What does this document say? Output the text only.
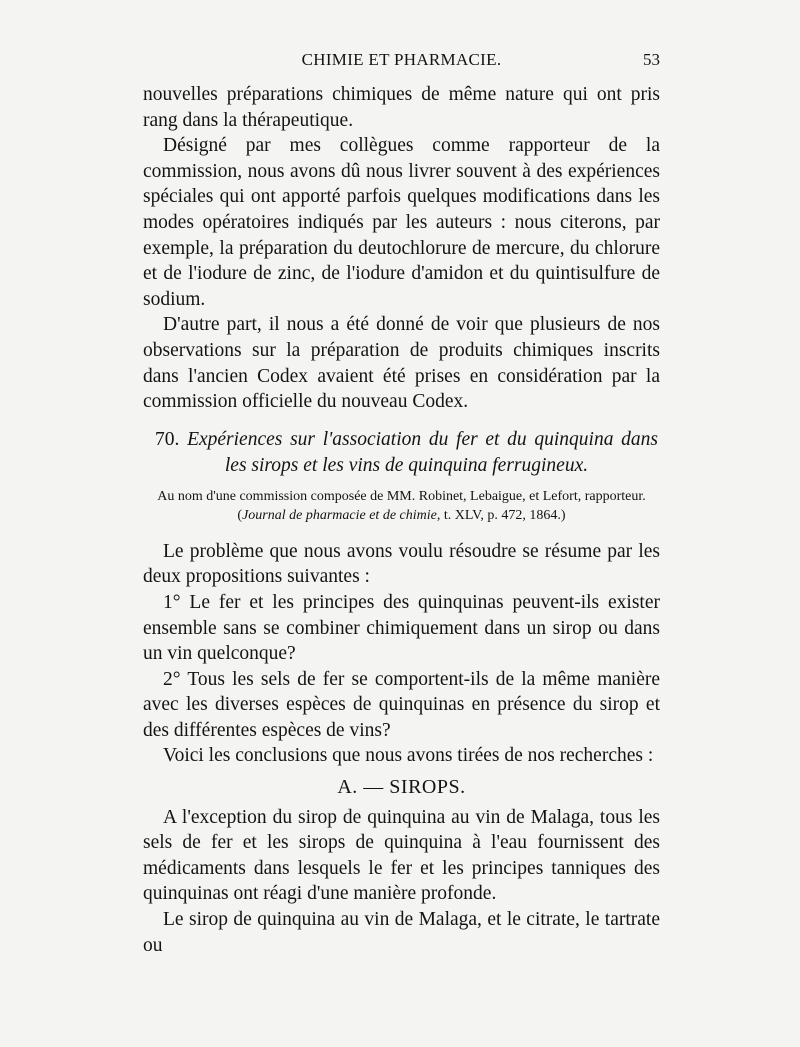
CHIMIE ET PHARMACIE.	53

nouvelles préparations chimiques de même nature qui ont pris rang dans la thérapeutique.

Désigné par mes collègues comme rapporteur de la commission, nous avons dû nous livrer souvent à des expériences spéciales qui ont apporté parfois quelques modifications dans les modes opératoires indiqués par les auteurs : nous citerons, par exemple, la préparation du deutochlorure de mercure, du chlorure et de l'iodure de zinc, de l'iodure d'amidon et du quintisulfure de sodium.

D'autre part, il nous a été donné de voir que plusieurs de nos observations sur la préparation de produits chimiques inscrits dans l'ancien Codex avaient été prises en considération par la commission officielle du nouveau Codex.

70. Expériences sur l'association du fer et du quinquina dans les sirops et les vins de quinquina ferrugineux.

Au nom d'une commission composée de MM. Robinet, Lebaigue, et Lefort, rapporteur.
(Journal de pharmacie et de chimie, t. XLV, p. 472, 1864.)

Le problème que nous avons voulu résoudre se résume par les deux propositions suivantes :

1° Le fer et les principes des quinquinas peuvent-ils exister ensemble sans se combiner chimiquement dans un sirop ou dans un vin quelconque?

2° Tous les sels de fer se comportent-ils de la même manière avec les diverses espèces de quinquinas en présence du sirop et des différentes espèces de vins?

Voici les conclusions que nous avons tirées de nos recherches :

A. — SIROPS.

A l'exception du sirop de quinquina au vin de Malaga, tous les sels de fer et les sirops de quinquina à l'eau fournissent des médicaments dans lesquels le fer et les principes tanniques des quinquinas ont réagi d'une manière profonde.

Le sirop de quinquina au vin de Malaga, et le citrate, le tartrate ou
